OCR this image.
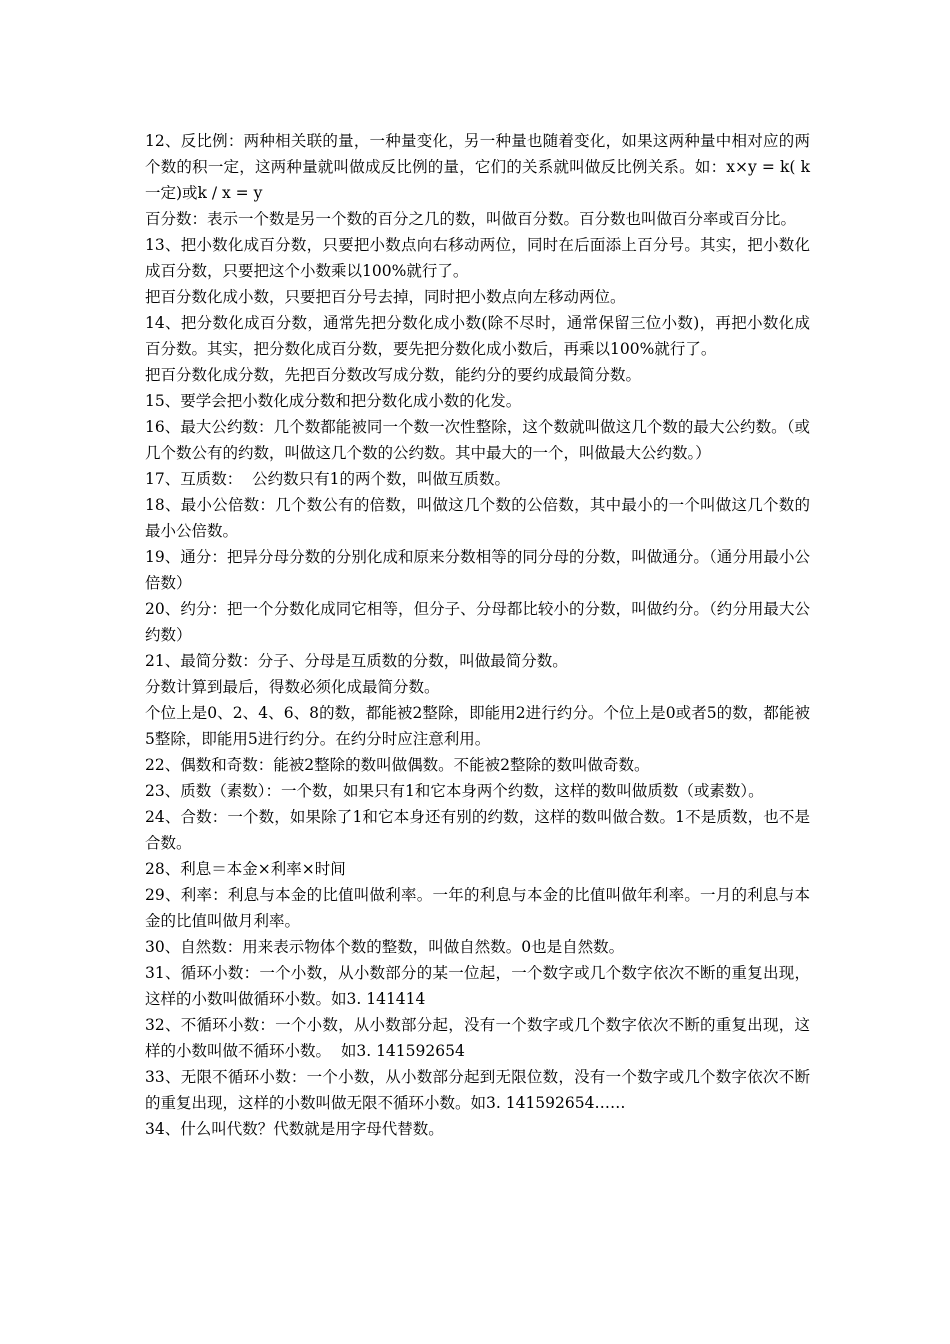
12、反比例：两种相关联的量，一种量变化，另一种量也随着变化，如果这两种量中相对应的两个数的积一定，这两种量就叫做成反比例的量，它们的关系就叫做反比例关系。如：x×y = k( k一定)或k / x = y

百分数：表示一个数是另一个数的百分之几的数，叫做百分数。百分数也叫做百分率或百分比。

13、把小数化成百分数，只要把小数点向右移动两位，同时在后面添上百分号。其实，把小数化成百分数，只要把这个小数乘以100%就行了。

把百分数化成小数，只要把百分号去掉，同时把小数点向左移动两位。

14、把分数化成百分数，通常先把分数化成小数(除不尽时，通常保留三位小数)，再把小数化成百分数。其实，把分数化成百分数，要先把分数化成小数后，再乘以100%就行了。

把百分数化成分数，先把百分数改写成分数，能约分的要约成最简分数。

15、要学会把小数化成分数和把分数化成小数的化发。

16、最大公约数：几个数都能被同一个数一次性整除，这个数就叫做这几个数的最大公约数。（或几个数公有的约数，叫做这几个数的公约数。其中最大的一个，叫做最大公约数。）

17、互质数：  公约数只有1的两个数，叫做互质数。

18、最小公倍数：几个数公有的倍数，叫做这几个数的公倍数，其中最小的一个叫做这几个数的最小公倍数。

19、通分：把异分母分数的分别化成和原来分数相等的同分母的分数，叫做通分。（通分用最小公倍数）

20、约分：把一个分数化成同它相等，但分子、分母都比较小的分数，叫做约分。（约分用最大公约数）

21、最简分数：分子、分母是互质数的分数，叫做最简分数。

分数计算到最后，得数必须化成最简分数。

个位上是0、2、4、6、8的数，都能被2整除，即能用2进行约分。个位上是0或者5的数，都能被5整除，即能用5进行约分。在约分时应注意利用。

22、偶数和奇数：能被2整除的数叫做偶数。不能被2整除的数叫做奇数。

23、质数（素数）：一个数，如果只有1和它本身两个约数，这样的数叫做质数（或素数）。

24、合数：一个数，如果除了1和它本身还有别的约数，这样的数叫做合数。1不是质数，也不是合数。

28、利息＝本金×利率×时间

29、利率：利息与本金的比值叫做利率。一年的利息与本金的比值叫做年利率。一月的利息与本金的比值叫做月利率。

30、自然数：用来表示物体个数的整数，叫做自然数。0也是自然数。

31、循环小数：一个小数，从小数部分的某一位起，一个数字或几个数字依次不断的重复出现，这样的小数叫做循环小数。如3. 141414

32、不循环小数：一个小数，从小数部分起，没有一个数字或几个数字依次不断的重复出现，这样的小数叫做不循环小数。  如3. 141592654

33、无限不循环小数：一个小数，从小数部分起到无限位数，没有一个数字或几个数字依次不断的重复出现，这样的小数叫做无限不循环小数。如3. 141592654……

34、什么叫代数？代数就是用字母代替数。
